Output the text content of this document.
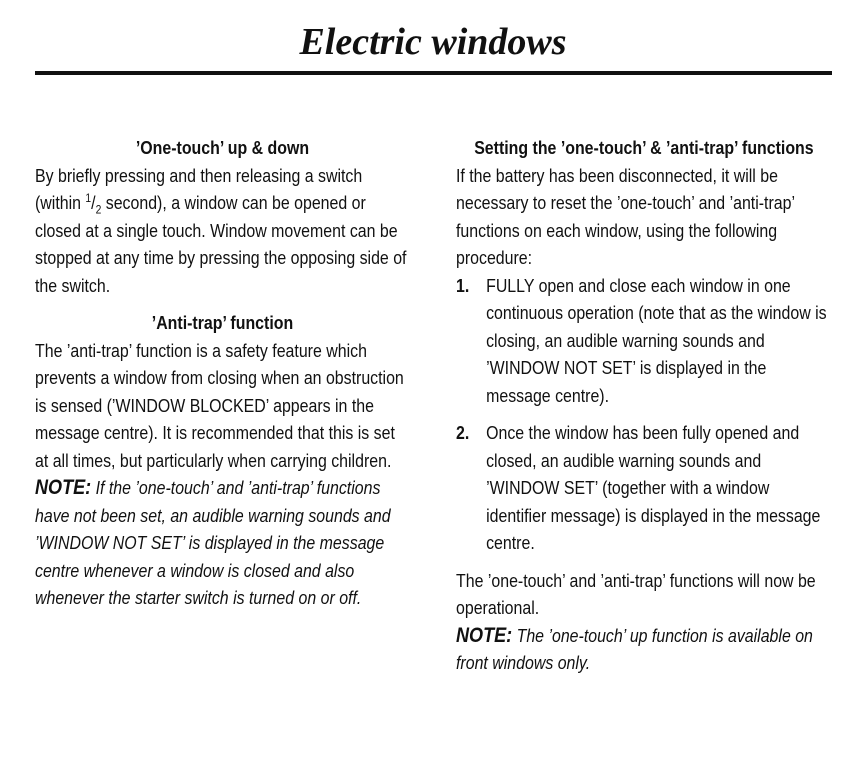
Electric windows

’One-touch’ up & down

By briefly pressing and then releasing a switch (within $^1/_2$ second), a window can be opened or closed at a single touch. Window movement can be stopped at any time by pressing the opposing side of the switch.

’Anti-trap’ function

The ’anti-trap’ function is a safety feature which prevents a window from closing when an obstruction is sensed (’WINDOW BLOCKED’ appears in the message centre). It is recommended that this is set at all times, but particularly when carrying children.

NOTE: If the ’one-touch’ and ’anti-trap’ functions have not been set, an audible warning sounds and ’WINDOW NOT SET’ is displayed in the message centre whenever a window is closed and also whenever the starter switch is turned on or off.

Setting the ’one-touch’ & ’anti-trap’ functions

If the battery has been disconnected, it will be necessary to reset the ’one-touch’ and ’anti-trap’ functions on each window, using the following procedure:

1. FULLY open and close each window in one continuous operation (note that as the window is closing, an audible warning sounds and ’WINDOW NOT SET’ is displayed in the message centre).
2. Once the window has been fully opened and closed, an audible warning sounds and ’WINDOW SET’ (together with a window identifier message) is displayed in the message centre.

The ’one-touch’ and ’anti-trap’ functions will now be operational.

NOTE: The ’one-touch’ up function is available on front windows only.
